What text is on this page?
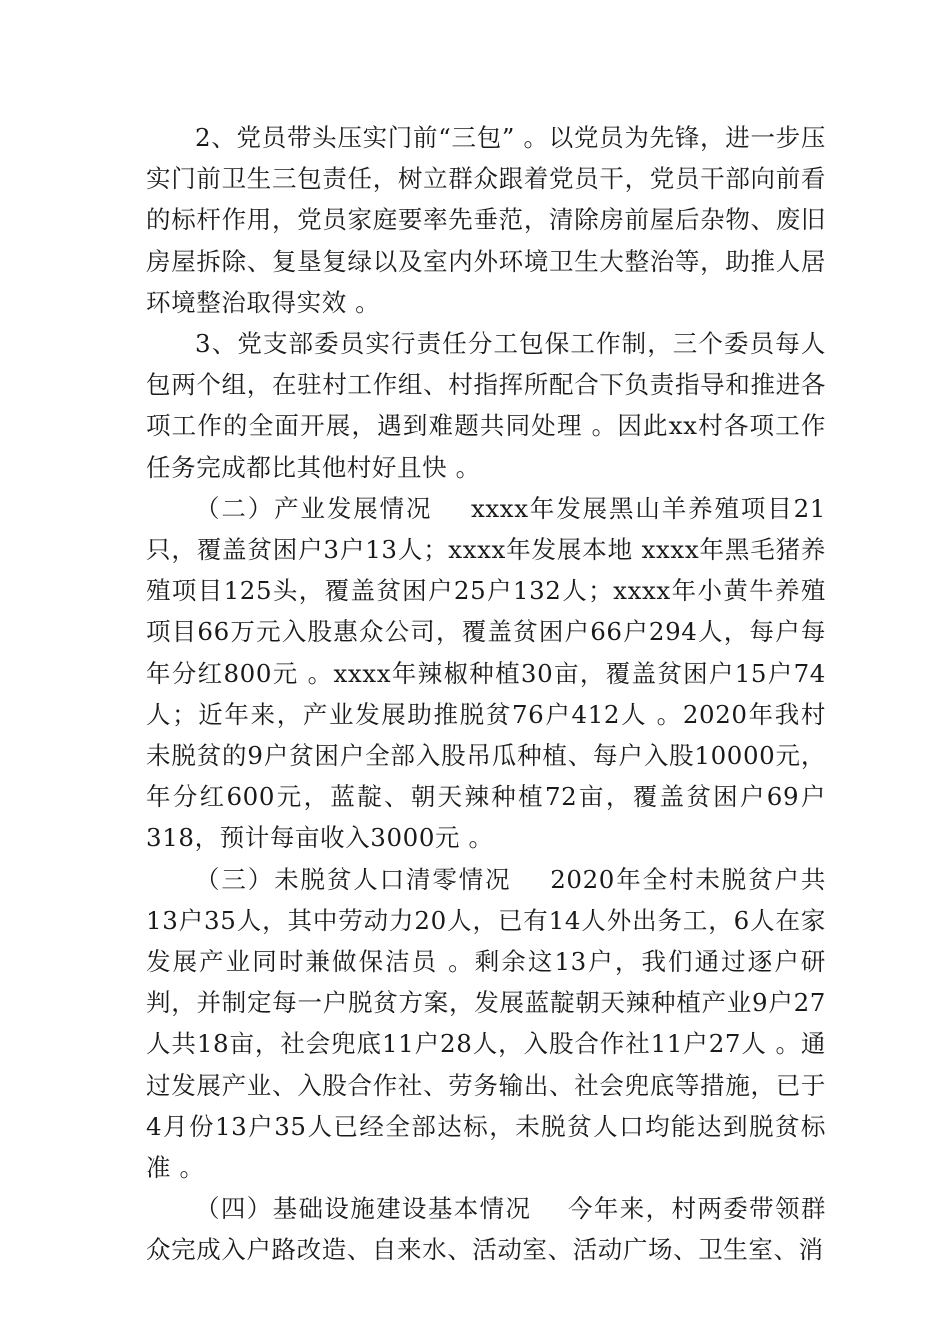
2、党员带头压实门前“三包” 。以党员为先锋，进一步压实门前卫生三包责任，树立群众跟着党员干，党员干部向前看的标杆作用，党员家庭要率先垂范，清除房前屋后杂物、废旧房屋拆除、复垦复绿以及室内外环境卫生大整治等，助推人居环境整治取得实效 。

3、党支部委员实行责任分工包保工作制，三个委员每人包两个组，在驻村工作组、村指挥所配合下负责指导和推进各项工作的全面开展，遇到难题共同处理 。因此xx村各项工作任务完成都比其他村好且快 。

（二）产业发展情况    xxxx年发展黑山羊养殖项目21只，覆盖贫困户3户13人；xxxx年发展本地 xxxx年黑毛猪养殖项目125头，覆盖贫困户25户132人；xxxx年小黄牛养殖项目66万元入股惠众公司，覆盖贫困户66户294人，每户每年分红800元 。xxxx年辣椒种植30亩，覆盖贫困户15户74人；近年来，产业发展助推脱贫76户412人 。2020年我村未脱贫的9户贫困户全部入股吊瓜种植、每户入股10000元，年分红600元，蓝靛、朝天辣种植72亩，覆盖贫困户69户318，预计每亩收入3000元 。

（三）未脱贫人口清零情况    2020年全村未脱贫户共13户35人，其中劳动力20人，已有14人外出务工，6人在家发展产业同时兼做保洁员 。剩余这13户，我们通过逐户研判，并制定每一户脱贫方案，发展蓝靛朝天辣种植产业9户27人共18亩，社会兜底11户28人，入股合作社11户27人 。通过发展产业、入股合作社、劳务输出、社会兜底等措施，已于4月份13户35人已经全部达标，未脱贫人口均能达到脱贫标准 。

（四）基础设施建设基本情况    今年来，村两委带领群众完成入户路改造、自来水、活动室、活动广场、卫生室、消
